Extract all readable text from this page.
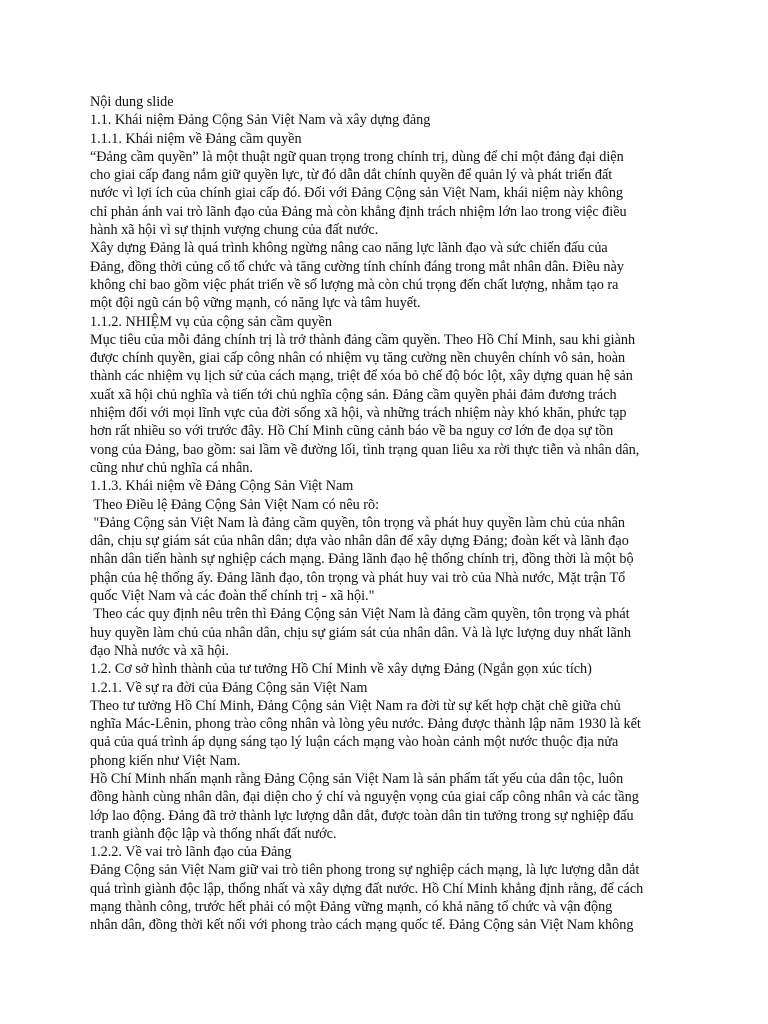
Nội dung slide
1.1. Khái niệm Đảng Cộng Sản Việt Nam và xây dựng đảng
1.1.1. Khái niệm về Đảng cầm quyền
“Đảng cầm quyền” là một thuật ngữ quan trọng trong chính trị, dùng để chỉ một đảng đại diện
cho giai cấp đang nắm giữ quyền lực, từ đó dẫn dắt chính quyền để quản lý và phát triển đất
nước vì lợi ích của chính giai cấp đó. Đối với Đảng Cộng sản Việt Nam, khái niệm này không
chỉ phản ánh vai trò lãnh đạo của Đảng mà còn khẳng định trách nhiệm lớn lao trong việc điều
hành xã hội vì sự thịnh vượng chung của đất nước.
Xây dựng Đảng là quá trình không ngừng nâng cao năng lực lãnh đạo và sức chiến đấu của
Đảng, đồng thời củng cố tổ chức và tăng cường tính chính đáng trong mắt nhân dân. Điều này
không chỉ bao gồm việc phát triển về số lượng mà còn chú trọng đến chất lượng, nhằm tạo ra
một đội ngũ cán bộ vững mạnh, có năng lực và tâm huyết.
1.1.2. NHIỆM vụ của cộng sản cầm quyền
Mục tiêu của mỗi đảng chính trị là trở thành đảng cầm quyền. Theo Hồ Chí Minh, sau khi giành
được chính quyền, giai cấp công nhân có nhiệm vụ tăng cường nền chuyên chính vô sản, hoàn
thành các nhiệm vụ lịch sử của cách mạng, triệt để xóa bỏ chế độ bóc lột, xây dựng quan hệ sản
xuất xã hội chủ nghĩa và tiến tới chủ nghĩa cộng sản. Đảng cầm quyền phải đảm đương trách
nhiệm đối với mọi lĩnh vực của đời sống xã hội, và những trách nhiệm này khó khăn, phức tạp
hơn rất nhiều so với trước đây. Hồ Chí Minh cũng cảnh báo về ba nguy cơ lớn đe dọa sự tồn
vong của Đảng, bao gồm: sai lầm về đường lối, tình trạng quan liêu xa rời thực tiễn và nhân dân,
cũng như chủ nghĩa cá nhân.
1.1.3. Khái niệm về Đảng Cộng Sản Việt Nam
Theo Điều lệ Đảng Cộng Sản Việt Nam có nêu rõ:
"Đảng Cộng sản Việt Nam là đảng cầm quyền, tôn trọng và phát huy quyền làm chủ của nhân
dân, chịu sự giám sát của nhân dân; dựa vào nhân dân để xây dựng Đảng; đoàn kết và lãnh đạo
nhân dân tiến hành sự nghiệp cách mạng. Đảng lãnh đạo hệ thống chính trị, đồng thời là một bộ
phận của hệ thống ấy. Đảng lãnh đạo, tôn trọng và phát huy vai trò của Nhà nước, Mặt trận Tổ
quốc Việt Nam và các đoàn thể chính trị - xã hội."
Theo các quy định nêu trên thì Đảng Cộng sản Việt Nam là đảng cầm quyền, tôn trọng và phát
huy quyền làm chủ của nhân dân, chịu sự giám sát của nhân dân. Và là lực lượng duy nhất lãnh
đạo Nhà nước và xã hội.
1.2. Cơ sở hình thành của tư tưởng Hồ Chí Minh về xây dựng Đảng (Ngắn gọn xúc tích)
1.2.1. Về sự ra đời của Đảng Cộng sản Việt Nam
Theo tư tưởng Hồ Chí Minh, Đảng Cộng sản Việt Nam ra đời từ sự kết hợp chặt chẽ giữa chủ
nghĩa Mác-Lênin, phong trào công nhân và lòng yêu nước. Đảng được thành lập năm 1930 là kết
quả của quá trình áp dụng sáng tạo lý luận cách mạng vào hoàn cảnh một nước thuộc địa nửa
phong kiến như Việt Nam.
Hồ Chí Minh nhấn mạnh rằng Đảng Cộng sản Việt Nam là sản phẩm tất yếu của dân tộc, luôn
đồng hành cùng nhân dân, đại diện cho ý chí và nguyện vọng của giai cấp công nhân và các tầng
lớp lao động. Đảng đã trở thành lực lượng dẫn dắt, được toàn dân tin tưởng trong sự nghiệp đấu
tranh giành độc lập và thống nhất đất nước.
1.2.2. Về vai trò lãnh đạo của Đảng
Đảng Cộng sản Việt Nam giữ vai trò tiên phong trong sự nghiệp cách mạng, là lực lượng dẫn dắt
quá trình giành độc lập, thống nhất và xây dựng đất nước. Hồ Chí Minh khẳng định rằng, để cách
mạng thành công, trước hết phải có một Đảng vững mạnh, có khả năng tổ chức và vận động
nhân dân, đồng thời kết nối với phong trào cách mạng quốc tế. Đảng Cộng sản Việt Nam không
